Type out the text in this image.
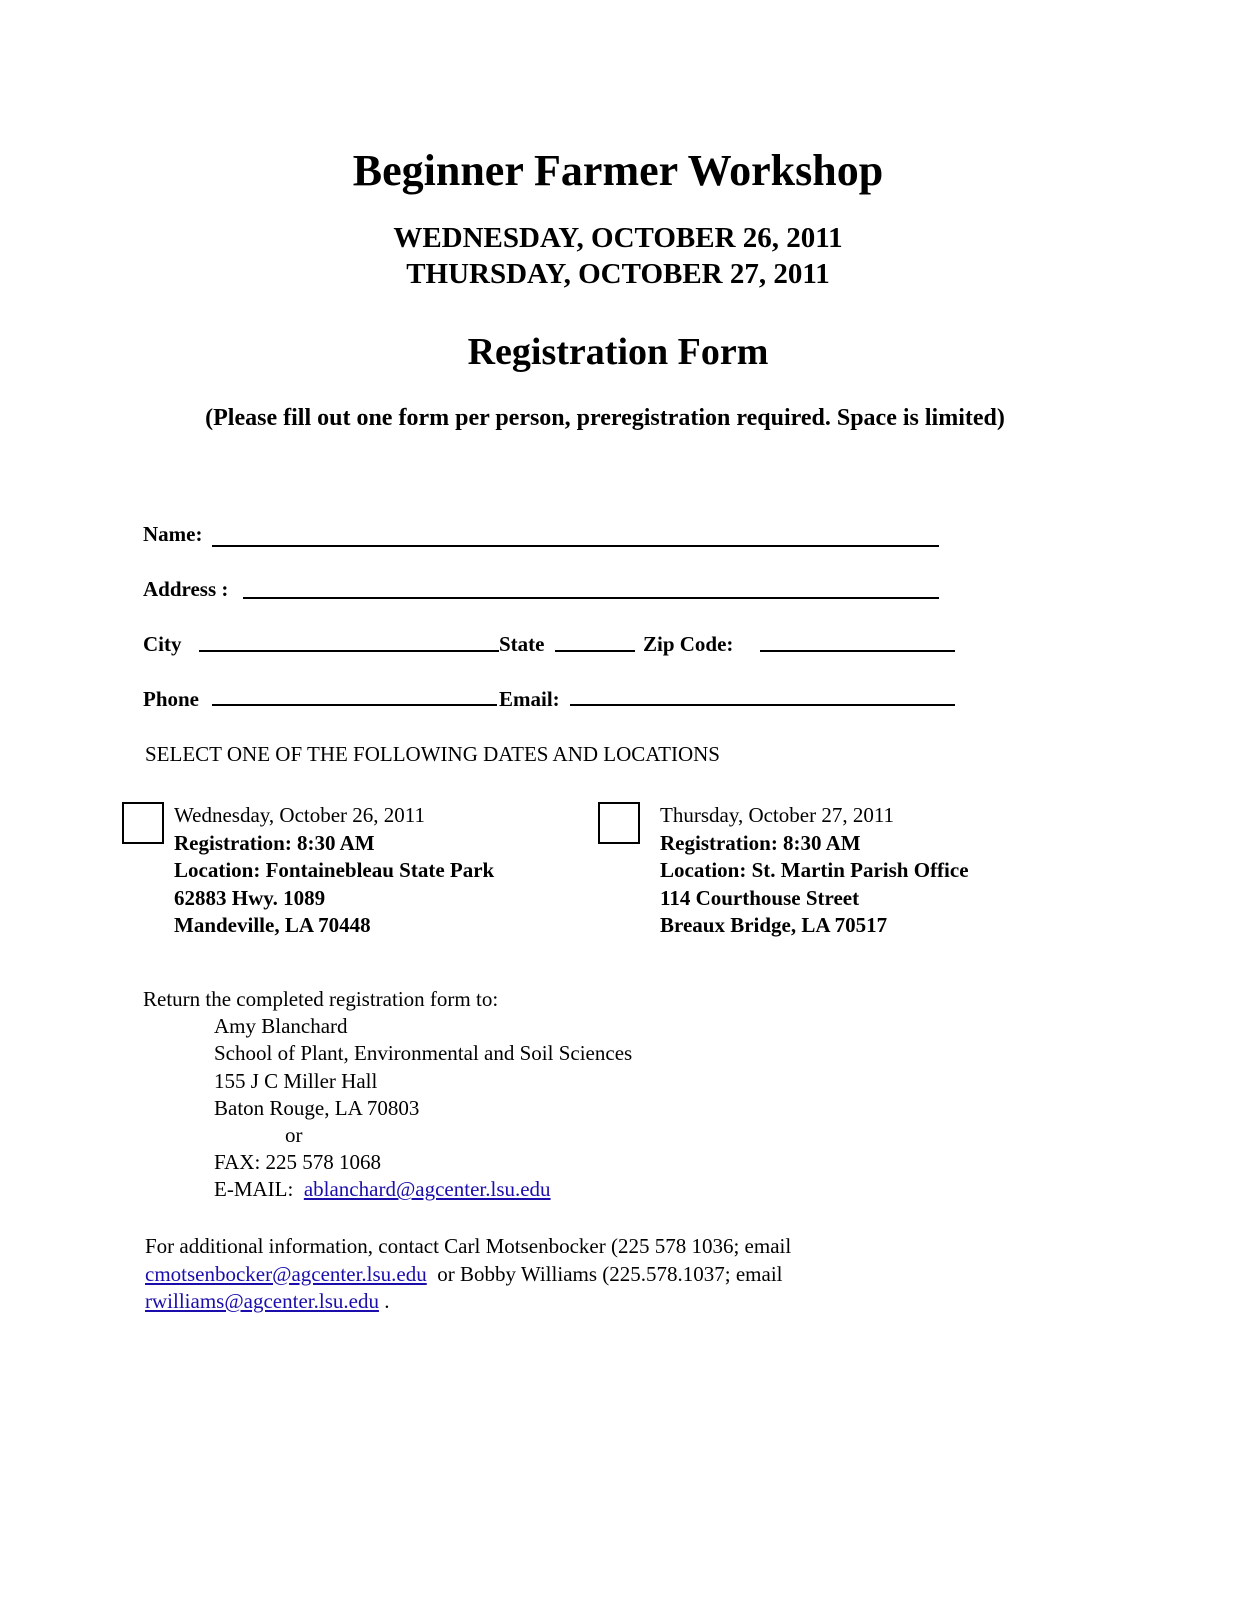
Beginner Farmer Workshop
WEDNESDAY, OCTOBER 26, 2011
THURSDAY, OCTOBER 27, 2011
Registration Form
(Please fill out one form per person, preregistration required. Space is limited)
Name:
Address :
City	State	Zip Code:
Phone	Email:
SELECT ONE OF THE FOLLOWING DATES AND LOCATIONS
Wednesday, October 26, 2011
Registration: 8:30 AM
Location: Fontainebleau State Park
62883 Hwy. 1089
Mandeville, LA 70448
Thursday, October 27, 2011
Registration: 8:30 AM
Location: St. Martin Parish Office
114 Courthouse Street
Breaux Bridge, LA 70517
Return the completed registration form to:
Amy Blanchard
School of Plant, Environmental and Soil Sciences
155 J C Miller Hall
Baton Rouge, LA 70803
or
FAX: 225 578 1068
E-MAIL: ablanchard@agcenter.lsu.edu
For additional information, contact Carl Motsenbocker (225 578 1036; email
cmotsenbocker@agcenter.lsu.edu or Bobby Williams (225.578.1037; email
rwilliams@agcenter.lsu.edu .
